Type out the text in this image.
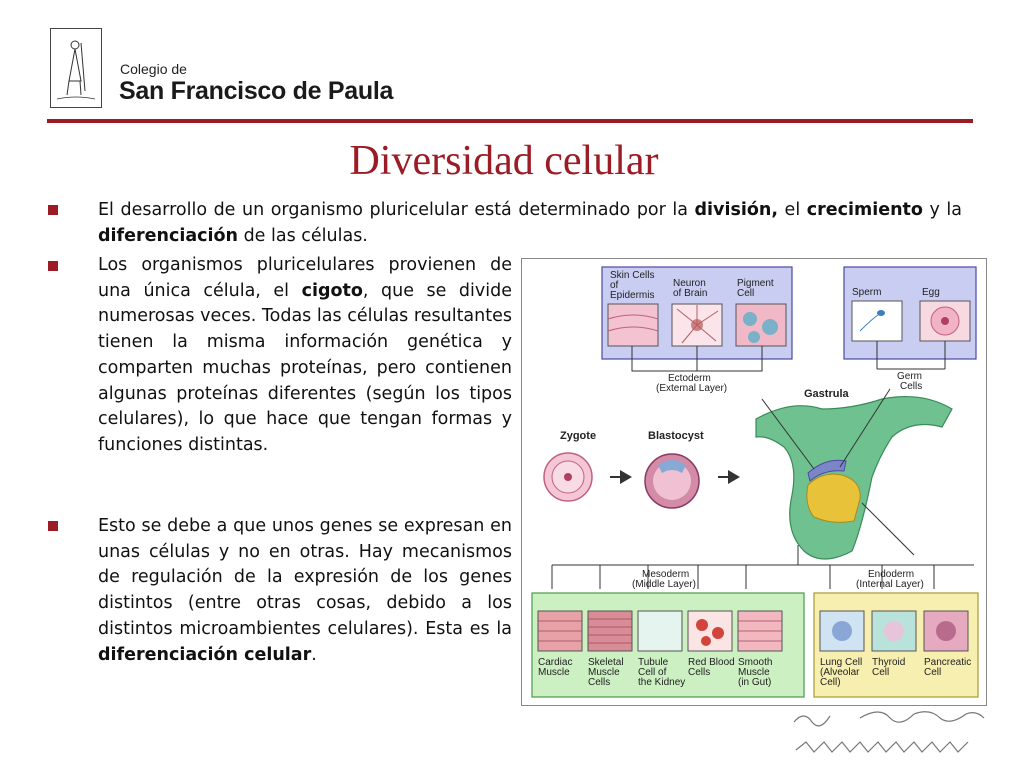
Colegio de
San Francisco de Paula
Diversidad celular
El desarrollo de un organismo pluricelular está determinado por la división, el crecimiento y la diferenciación de las células.
Los organismos pluricelulares provienen de una única célula, el cigoto, que se divide numerosas veces. Todas las células resultantes tienen la misma información genética y comparten muchas proteínas, pero contienen algunas proteínas diferentes (según los tipos celulares), lo que hace que tengan formas y funciones distintas.
Esto se debe a que unos genes se expresan en unas células y no en otras. Hay mecanismos de regulación de la expresión de los genes distintos (entre otras cosas, debido a los distintos microambientes celulares). Esta es la diferenciación celular.
Skin Cells
of
Epidermis
Neuron
of Brain
Pigment
Cell	Sperm	Egg
Ectoderm
(External Layer)
Germ
Cells
Zygote	Blastocyst
Gastrula
Mesoderm
(Middle Layer)
Endoderm
(Internal Layer)
Cardiac
Muscle
Skeletal
Muscle
Cells
Tubule
Cell of
the Kidney
Red Blood
Cells
Smooth
Muscle
(in Gut)
Lung Cell
(Alveolar
Cell)
Thyroid
Cell
Pancreatic
Cell
